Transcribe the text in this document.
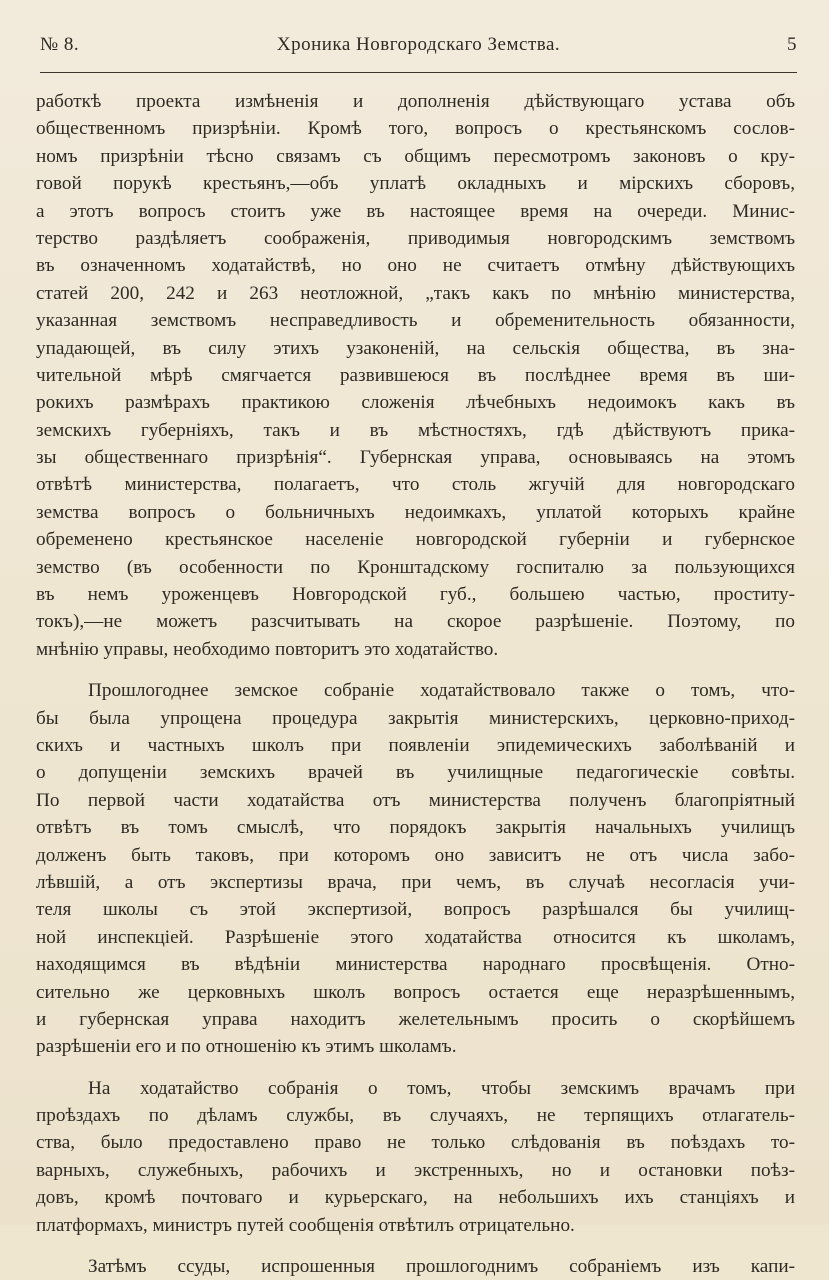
№ 8.	Хроника Новгородскаго Земства.	5
работкѣ проекта измѣненія и дополненія дѣйствующаго устава объ
общественномъ призрѣніи. Кромѣ того, вопросъ о крестьянскомъ сослов-
номъ призрѣніи тѣсно связамъ съ общимъ пересмотромъ законовъ о кру-
говой порукѣ крестьянъ,—объ уплатѣ окладныхъ и мірскихъ сборовъ,
а этотъ вопросъ стоитъ уже въ настоящее время на очереди. Минис-
терство раздѣляетъ соображенія, приводимыя новгородскимъ земствомъ
въ означенномъ ходатайствѣ, но оно не считаетъ отмѣну дѣйствующихъ
статей 200, 242 и 263 неотложной, „такъ какъ по мнѣнію министерства,
указанная земствомъ несправедливость и обременительность обязанности,
упадающей, въ силу этихъ узаконеній, на сельскія общества, въ зна-
чительной мѣрѣ смягчается развившеюся въ послѣднее время въ ши-
рокихъ размѣрахъ практикою сложенія лѣчебныхъ недоимокъ какъ въ
земскихъ губерніяхъ, такъ и въ мѣстностяхъ, гдѣ дѣйствуютъ прика-
зы общественнаго призрѣнія“. Губернская управа, основываясь на этомъ
отвѣтѣ министерства, полагаетъ, что столь жгучій для новгородскаго
земства вопросъ о больничныхъ недоимкахъ, уплатой которыхъ крайне
обременено крестьянское населеніе новгородской губерніи и губернское
земство (въ особенности по Кронштадскому госпиталю за пользующихся
въ немъ уроженцевъ Новгородской губ., большею частью, проститу-
токъ),—не можетъ разсчитывать на скорое разрѣшеніе. Поэтому, по
мнѣнію управы, необходимо повторитъ это ходатайство.
Прошлогоднее земское собраніе ходатайствовало также о томъ, что-
бы была упрощена процедура закрытія министерскихъ, церковно-приход-
скихъ и частныхъ школъ при появленіи эпидемическихъ заболѣваній и
о допущеніи земскихъ врачей въ училищные педагогическіе совѣты.
По первой части ходатайства отъ министерства полученъ благопріятный
отвѣтъ въ томъ смыслѣ, что порядокъ закрытія начальныхъ училищъ
долженъ быть таковъ, при которомъ оно зависитъ не отъ числа забо-
лѣвшій, а отъ экспертизы врача, при чемъ, въ случаѣ несогласія учи-
теля школы съ этой экспертизой, вопросъ разрѣшался бы училищ-
ной инспекціей. Разрѣшеніе этого ходатайства относится къ школамъ,
находящимся въ вѣдѣніи министерства народнаго просвѣщенія. Отно-
сительно же церковныхъ школъ вопросъ остается еще неразрѣшеннымъ,
и губернская управа находитъ желетельнымъ просить о скорѣйшемъ
разрѣшеніи его и по отношенію къ этимъ школамъ.
На ходатайство собранія о томъ, чтобы земскимъ врачамъ при
проѣздахъ по дѣламъ службы, въ случаяхъ, не терпящихъ отлагатель-
ства, было предоставлено право не только слѣдованія въ поѣздахъ то-
варныхъ, служебныхъ, рабочихъ и экстренныхъ, но и остановки поѣз-
довъ, кромѣ почтоваго и курьерскаго, на небольшихъ ихъ станціяхъ и
платформахъ, министръ путей сообщенія отвѣтилъ отрицательно.
Затѣмъ ссуды, испрошенныя прошлогоднимъ собраніемъ изъ капи-
